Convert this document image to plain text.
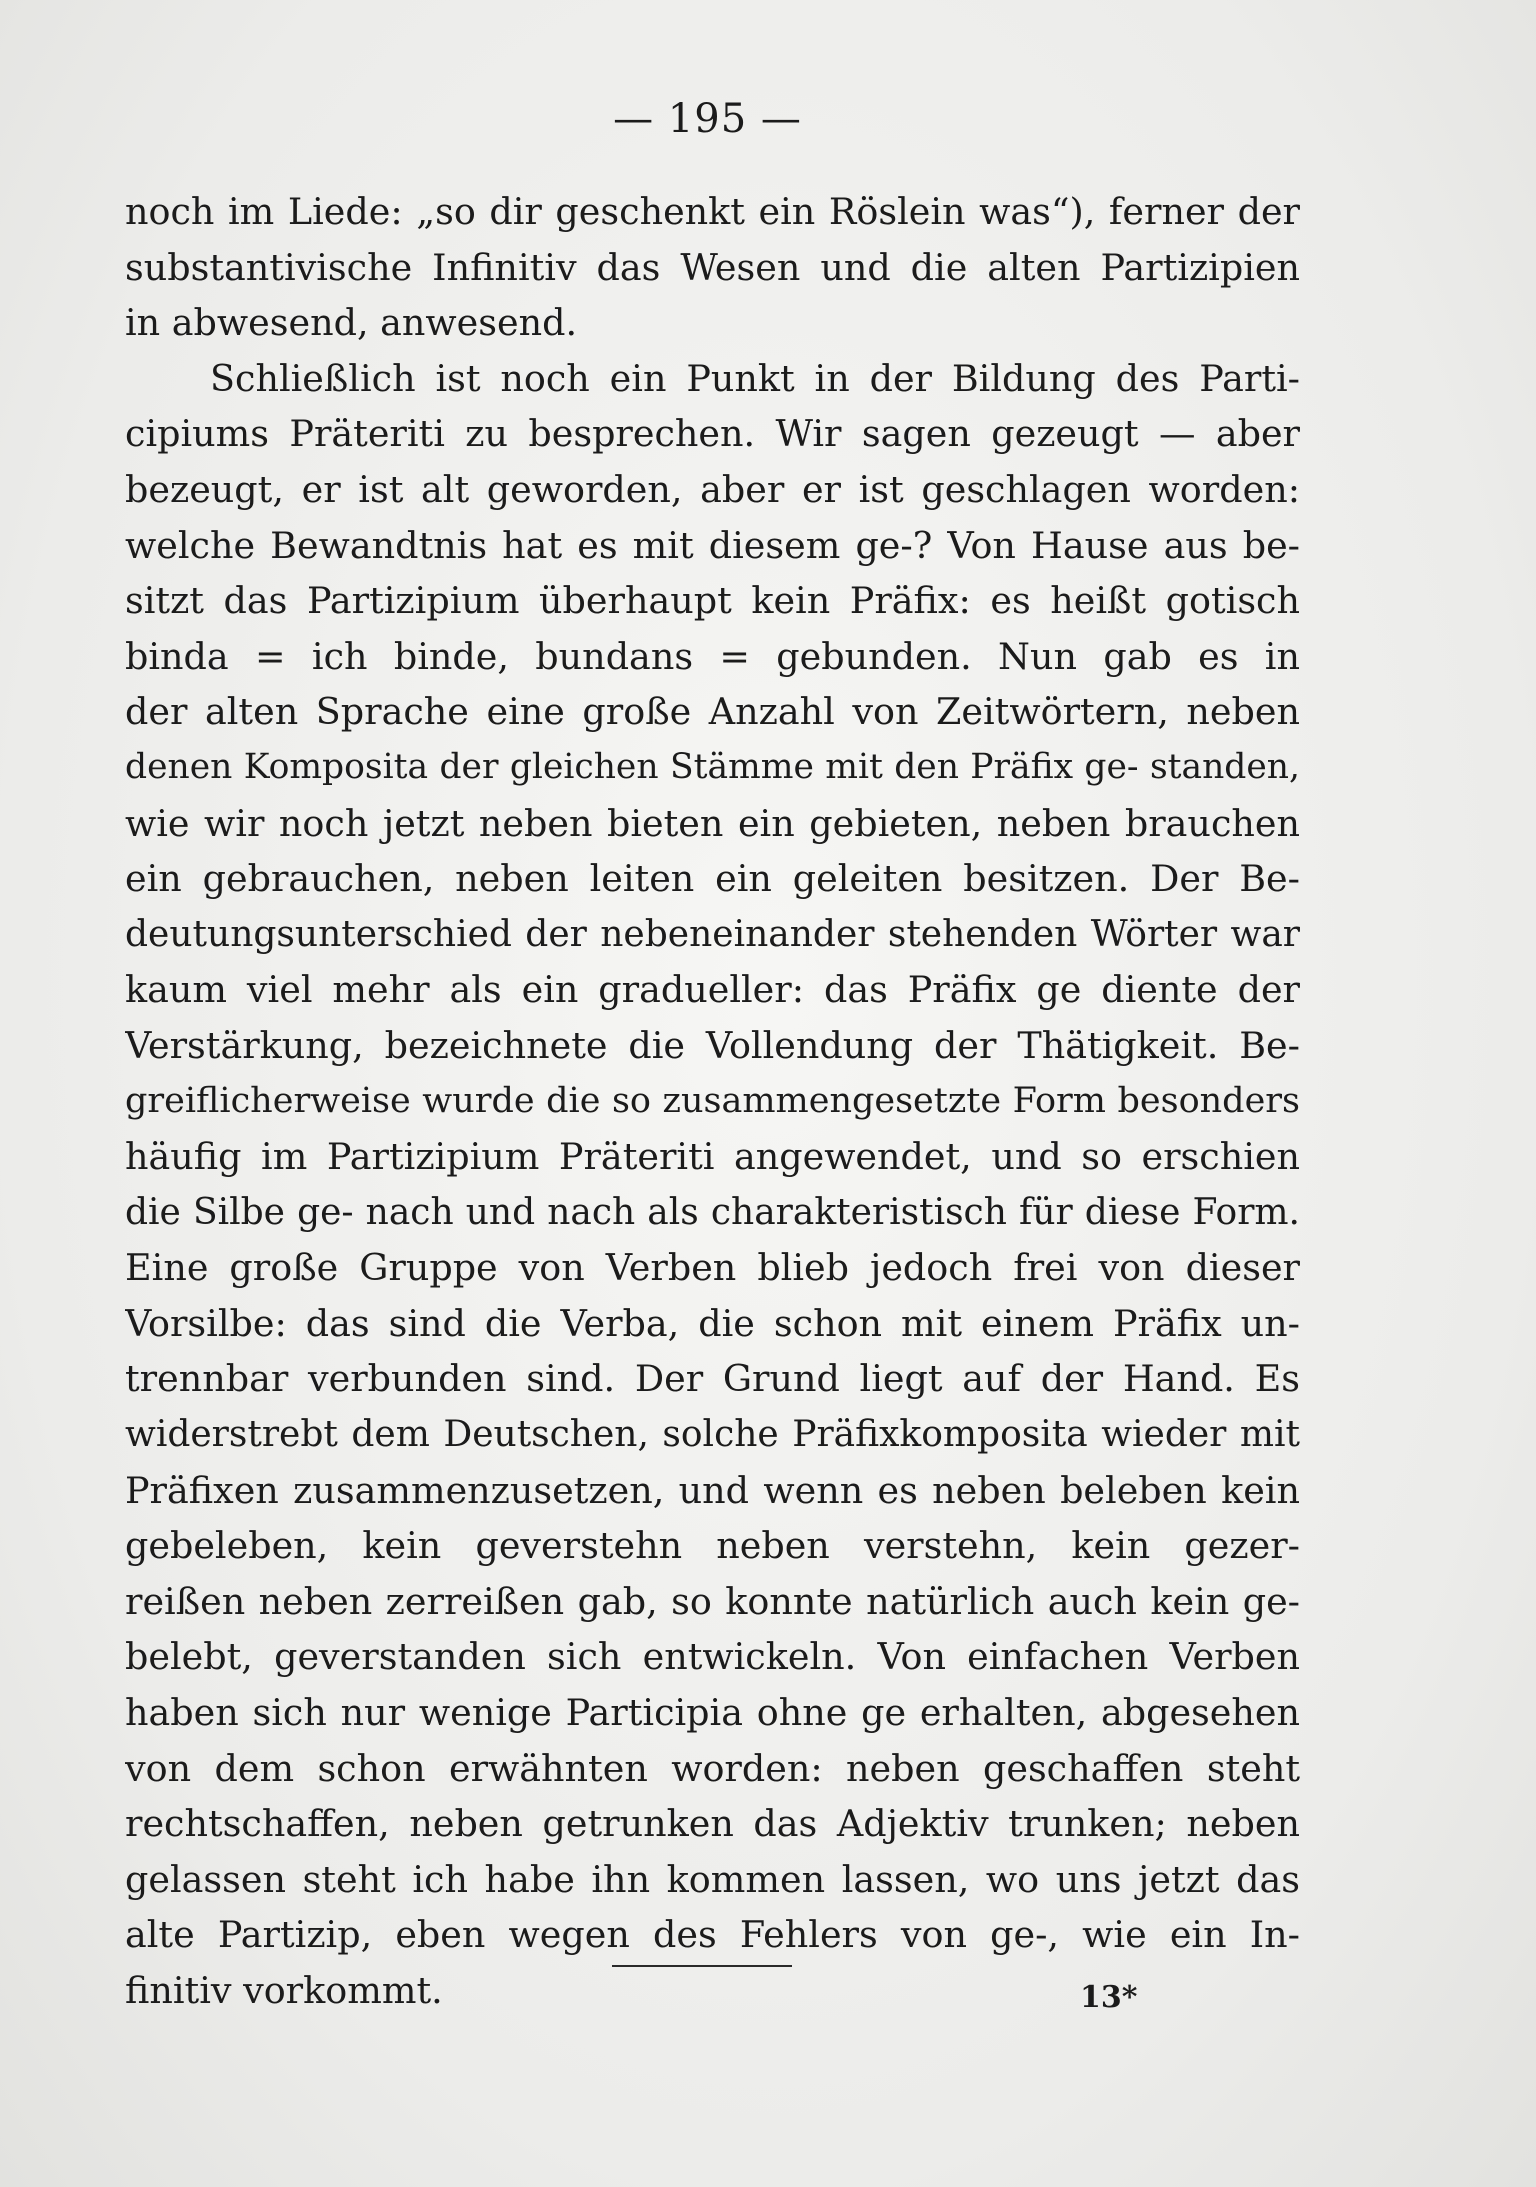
— 195 —
noch im Liede: „so dir geschenkt ein Röslein was“), ferner der
substantivische Infinitiv das Wesen und die alten Partizipien
in abwesend, anwesend.
Schließlich ist noch ein Punkt in der Bildung des Parti-
cipiums Präteriti zu besprechen. Wir sagen gezeugt — aber
bezeugt, er ist alt geworden, aber er ist geschlagen worden:
welche Bewandtnis hat es mit diesem ge-? Von Hause aus be-
sitzt das Partizipium überhaupt kein Präfix: es heißt gotisch
binda = ich binde, bundans = gebunden. Nun gab es in
der alten Sprache eine große Anzahl von Zeitwörtern, neben
denen Komposita der gleichen Stämme mit den Präfix ge- standen,
wie wir noch jetzt neben bieten ein gebieten, neben brauchen
ein gebrauchen, neben leiten ein geleiten besitzen. Der Be-
deutungsunterschied der nebeneinander stehenden Wörter war
kaum viel mehr als ein gradueller: das Präfix ge diente der
Verstärkung, bezeichnete die Vollendung der Thätigkeit. Be-
greiflicherweise wurde die so zusammengesetzte Form besonders
häufig im Partizipium Präteriti angewendet, und so erschien
die Silbe ge- nach und nach als charakteristisch für diese Form.
Eine große Gruppe von Verben blieb jedoch frei von dieser
Vorsilbe: das sind die Verba, die schon mit einem Präfix un-
trennbar verbunden sind. Der Grund liegt auf der Hand. Es
widerstrebt dem Deutschen, solche Präfixkomposita wieder mit
Präfixen zusammenzusetzen, und wenn es neben beleben kein
gebeleben, kein geverstehn neben verstehn, kein gezer-
reißen neben zerreißen gab, so konnte natürlich auch kein ge-
belebt, geverstanden sich entwickeln. Von einfachen Verben
haben sich nur wenige Participia ohne ge erhalten, abgesehen
von dem schon erwähnten worden: neben geschaffen steht
rechtschaffen, neben getrunken das Adjektiv trunken; neben
gelassen steht ich habe ihn kommen lassen, wo uns jetzt das
alte Partizip, eben wegen des Fehlers von ge-, wie ein In-
finitiv vorkommt.	13*
